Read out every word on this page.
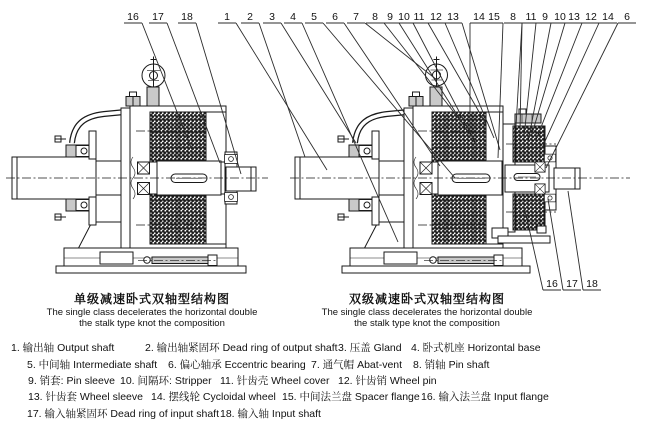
16 17 18	1 2 3 4 5 6 7 8 9 10 11 12 13 14 15 8 11 9 10 13 12 14 6
16 17 18
单级减速卧式双轴型结构图
The single class decelerates the horizontal double
the stalk type knot the composition
双级减速卧式双轴型结构图
The single class decelerates the horizontal double
the stalk type knot the composition
1. 输出轴 Output shaft	2. 输出轴紧固环 Dead ring of output shaft 3. 压盖 Gland 4. 卧式机座 Horizontal base
5. 中间轴 Intermediate shaft 6. 偏心轴承 Eccentric bearing 7. 通气帽 Abat-vent 8. 销轴 Pin shaft
9. 销套: Pin sleeve 10. 间隔环: Stripper 11. 针齿壳 Wheel cover 12. 针齿销 Wheel pin
13. 针齿套 Wheel sleeve 14. 摆线轮 Cycloidal wheel 15. 中间法兰盘 Spacer flange 16. 输入法兰盘 Input flange
17. 输入轴紧固环 Dead ring of input shaft 18. 输入轴 Input shaft
